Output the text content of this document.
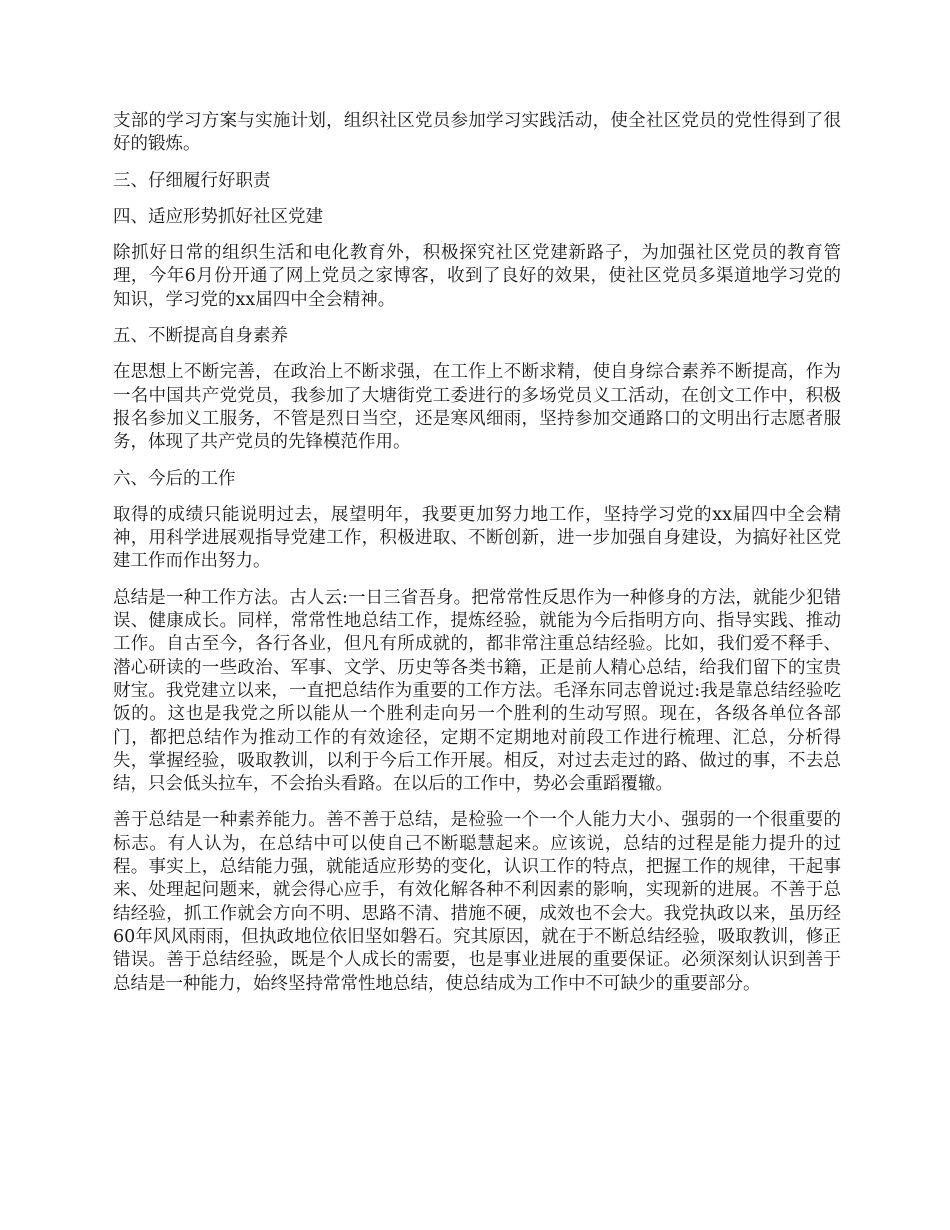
支部的学习方案与实施计划，组织社区党员参加学习实践活动，使全社区党员的党性得到了很好的锻炼。

三、仔细履行好职责

四、适应形势抓好社区党建

除抓好日常的组织生活和电化教育外，积极探究社区党建新路子，为加强社区党员的教育管理，今年6月份开通了网上党员之家博客，收到了良好的效果，使社区党员多渠道地学习党的知识，学习党的xx届四中全会精神。

五、不断提高自身素养

在思想上不断完善，在政治上不断求强，在工作上不断求精，使自身综合素养不断提高，作为一名中国共产党党员，我参加了大塘街党工委进行的多场党员义工活动，在创文工作中，积极报名参加义工服务，不管是烈日当空，还是寒风细雨，坚持参加交通路口的文明出行志愿者服务，体现了共产党员的先锋模范作用。

六、今后的工作

取得的成绩只能说明过去，展望明年，我要更加努力地工作，坚持学习党的xx届四中全会精神，用科学进展观指导党建工作，积极进取、不断创新，进一步加强自身建设，为搞好社区党建工作而作出努力。

总结是一种工作方法。古人云:一日三省吾身。把常常性反思作为一种修身的方法，就能少犯错误、健康成长。同样，常常性地总结工作，提炼经验，就能为今后指明方向、指导实践、推动工作。自古至今，各行各业，但凡有所成就的，都非常注重总结经验。比如，我们爱不释手、潜心研读的一些政治、军事、文学、历史等各类书籍，正是前人精心总结，给我们留下的宝贵财宝。我党建立以来，一直把总结作为重要的工作方法。毛泽东同志曾说过:我是靠总结经验吃饭的。这也是我党之所以能从一个胜利走向另一个胜利的生动写照。现在，各级各单位各部门，都把总结作为推动工作的有效途径，定期不定期地对前段工作进行梳理、汇总，分析得失，掌握经验，吸取教训，以利于今后工作开展。相反，对过去走过的路、做过的事，不去总结，只会低头拉车，不会抬头看路。在以后的工作中，势必会重蹈覆辙。

善于总结是一种素养能力。善不善于总结，是检验一个一个人能力大小、强弱的一个很重要的标志。有人认为，在总结中可以使自己不断聪慧起来。应该说，总结的过程是能力提升的过程。事实上，总结能力强，就能适应形势的变化，认识工作的特点，把握工作的规律，干起事来、处理起问题来，就会得心应手，有效化解各种不利因素的影响，实现新的进展。不善于总结经验，抓工作就会方向不明、思路不清、措施不硬，成效也不会大。我党执政以来，虽历经60年风风雨雨，但执政地位依旧坚如磐石。究其原因，就在于不断总结经验，吸取教训，修正错误。善于总结经验，既是个人成长的需要，也是事业进展的重要保证。必须深刻认识到善于总结是一种能力，始终坚持常常性地总结，使总结成为工作中不可缺少的重要部分。
